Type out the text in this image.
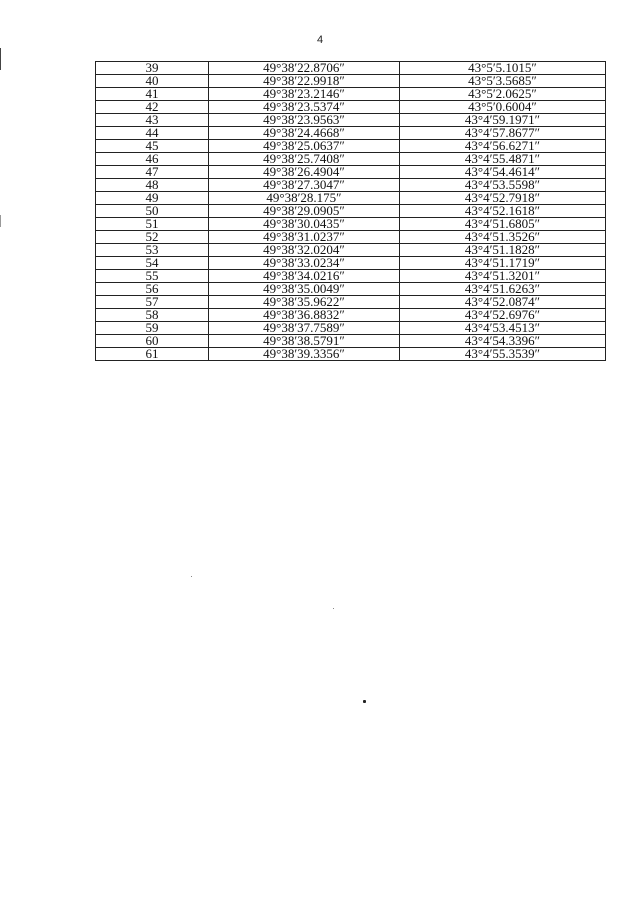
4
39	49°38′22.8706″	43°5′5.1015″
40	49°38′22.9918″	43°5′3.5685″
41	49°38′23.2146″	43°5′2.0625″
42	49°38′23.5374″	43°5′0.6004″
43	49°38′23.9563″	43°4′59.1971″
44	49°38′24.4668″	43°4′57.8677″
45	49°38′25.0637″	43°4′56.6271″
46	49°38′25.7408″	43°4′55.4871″
47	49°38′26.4904″	43°4′54.4614″
48	49°38′27.3047″	43°4′53.5598″
49	49°38′28.175″	43°4′52.7918″
50	49°38′29.0905″	43°4′52.1618″
51	49°38′30.0435″	43°4′51.6805″
52	49°38′31.0237″	43°4′51.3526″
53	49°38′32.0204″	43°4′51.1828″
54	49°38′33.0234″	43°4′51.1719″
55	49°38′34.0216″	43°4′51.3201″
56	49°38′35.0049″	43°4′51.6263″
57	49°38′35.9622″	43°4′52.0874″
58	49°38′36.8832″	43°4′52.6976″
59	49°38′37.7589″	43°4′53.4513″
60	49°38′38.5791″	43°4′54.3396″
61	49°38′39.3356″	43°4′55.3539″
